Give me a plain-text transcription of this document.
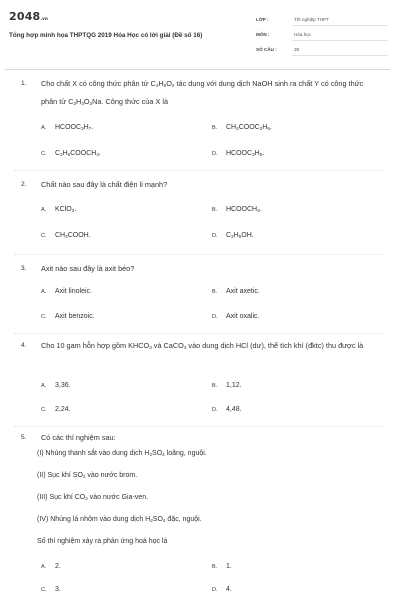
2048.vn
Tổng hợp minh họa THPTQG 2019 Hóa Học có lời giải (Đề số 16)
LỚP :	Tốt nghiệp THPT
MÔN :	Hóa học
SỐ CÂU :	39
1.	Cho chất X có công thức phân tử $C_4H_8O_2$ tác dụng với dung dịch NaOH sinh ra chất Y có công thức phân tử $C_2H_3O_2Na$. Công thức của X là
A. $HCOOC_3H_7$.	B. $CH_3COOC_2H_5$.
C. $C_2H_5COOCH_3$.	D. $HCOOC_3H_5$.
2.	Chất nào sau đây là chất điện li mạnh?
A. KClO$_3$.	B. $HCOOCH_3$.
C. $CH_3COOH$.	D. $C_2H_5OH$.
3.	Axit nào sau đây là axit béo?
A. Axit linoleic.	B. Axit axetic.
C. Axit benzoic.	D. Axit oxalic.
4.	Cho 10 gam hỗn hợp gồm $KHCO_3$ và CaCO$_3$ vào dung dịch HCl (dư), thể tích khí (đktc) thu được là
A. 3,36.	B. 1,12.
C. 2,24.	D. 4,48.
5.	Có các thí nghiệm sau:
(I) Nhúng thanh sắt vào dung dịch $H_2SO_4$ loãng, nguội.
(II) Sục khí $SO_2$ vào nước brom.
(III) Sục khí $CO_2$ vào nước Gia-ven.
(IV) Nhúng lá nhôm vào dung dịch $H_2SO_4$ đặc, nguội.
Số thí nghiệm xảy ra phản ứng hoá học là
A. 2.	B. 1.
C. 3.	D. 4.
